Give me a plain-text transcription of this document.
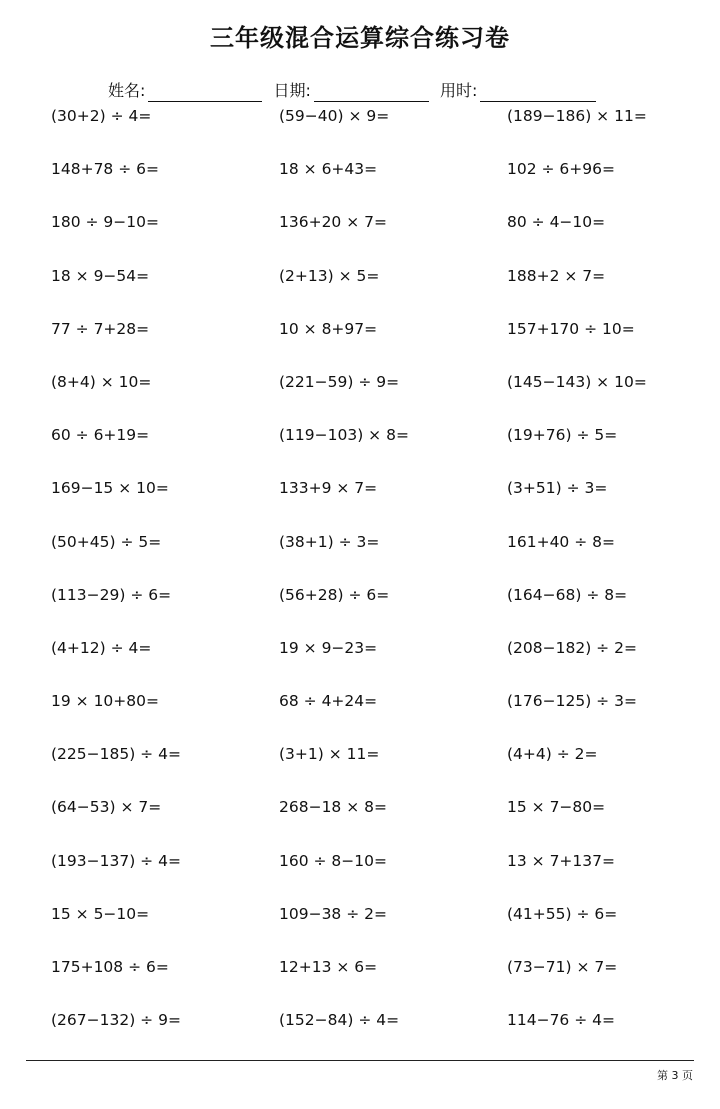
三年级混合运算综合练习卷
姓名:	日期:	用时:
(30+2) ÷ 4=	(59−40) × 9=	(189−186) × 11=
148+78 ÷ 6=	18 × 6+43=	102 ÷ 6+96=
180 ÷ 9−10=	136+20 × 7=	80 ÷ 4−10=
18 × 9−54=	(2+13) × 5=	188+2 × 7=
77 ÷ 7+28=	10 × 8+97=	157+170 ÷ 10=
(8+4) × 10=	(221−59) ÷ 9=	(145−143) × 10=
60 ÷ 6+19=	(119−103) × 8=	(19+76) ÷ 5=
169−15 × 10=	133+9 × 7=	(3+51) ÷ 3=
(50+45) ÷ 5=	(38+1) ÷ 3=	161+40 ÷ 8=
(113−29) ÷ 6=	(56+28) ÷ 6=	(164−68) ÷ 8=
(4+12) ÷ 4=	19 × 9−23=	(208−182) ÷ 2=
19 × 10+80=	68 ÷ 4+24=	(176−125) ÷ 3=
(225−185) ÷ 4=	(3+1) × 11=	(4+4) ÷ 2=
(64−53) × 7=	268−18 × 8=	15 × 7−80=
(193−137) ÷ 4=	160 ÷ 8−10=	13 × 7+137=
15 × 5−10=	109−38 ÷ 2=	(41+55) ÷ 6=
175+108 ÷ 6=	12+13 × 6=	(73−71) × 7=
(267−132) ÷ 9=	(152−84) ÷ 4=	114−76 ÷ 4=
第 3 页
